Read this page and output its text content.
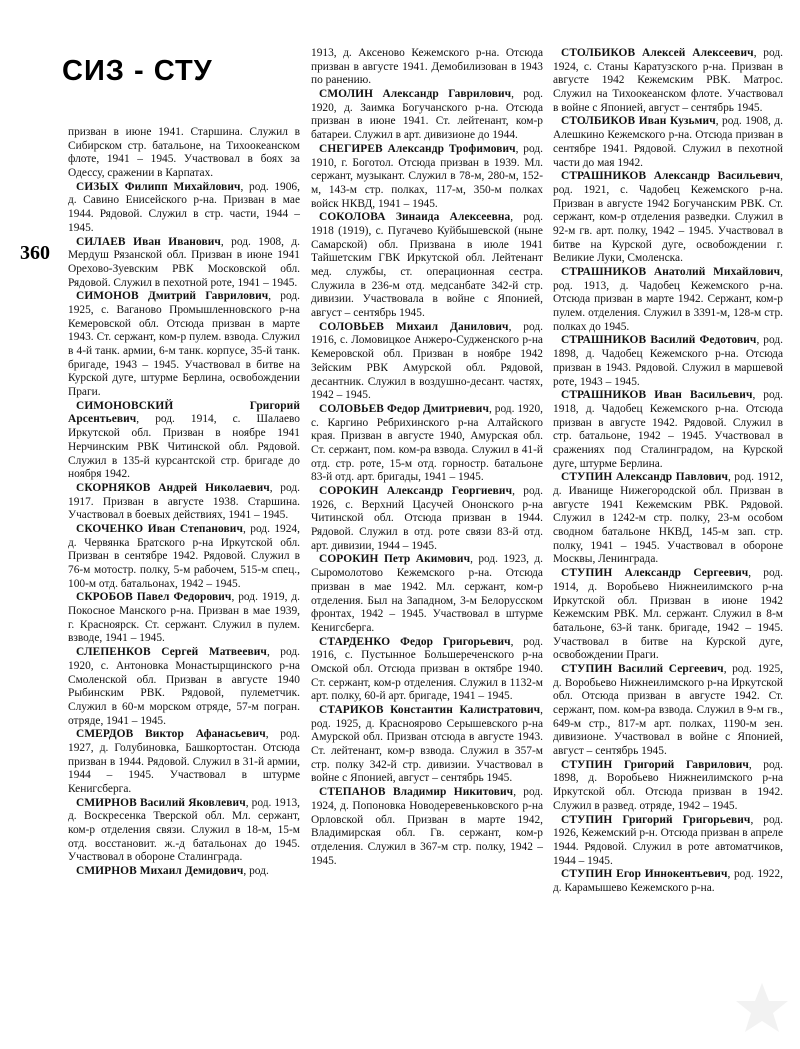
СИЗ - СТУ
360

призван в июне 1941. Старшина. Служил в Сибирском стр. батальоне, на Тихоокеанском флоте, 1941 – 1945. Участвовал в боях за Одессу, сражении в Карпатах.

СИЗЫХ Филипп Михайлович, род. 1906, д. Савино Енисейского р-на. Призван в мае 1944. Рядовой. Служил в стр. части, 1944 – 1945.

СИЛАЕВ Иван Иванович, род. 1908, д. Мердуш Рязанской обл. Призван в июне 1941 Орехово-Зуевским РВК Московской обл. Рядовой. Служил в пехотной роте, 1941 – 1945.

СИМОНОВ Дмитрий Гаврилович, род. 1925, с. Ваганово Промышленновского р-на Кемеровской обл. Отсюда призван в марте 1943. Ст. сержант, ком-р пулем. взвода. Служил в 4-й танк. армии, 6-м танк. корпусе, 35-й танк. бригаде, 1943 – 1945. Участвовал в битве на Курской дуге, штурме Берлина, освобождении Праги.

СИМОНОВСКИЙ Григорий Арсентьевич, род. 1914, с. Шалаево Иркутской обл. Призван в ноябре 1941 Нерчинским РВК Читинской обл. Рядовой. Служил в 135-й курсантской стр. бригаде до ноября 1942.

СКОРНЯКОВ Андрей Николаевич, род. 1917. Призван в августе 1938. Старшина. Участвовал в боевых действиях, 1941 – 1945.

СКОЧЕНКО Иван Степанович, род. 1924, д. Червянка Братского р-на Иркутской обл. Призван в сентябре 1942. Рядовой. Служил в 76-м мотостр. полку, 5-м рабочем, 515-м спец., 100-м отд. батальонах, 1942 – 1945.

СКРОБОВ Павел Федорович, род. 1919, д. Покосное Манского р-на. Призван в мае 1939, г. Красноярск. Ст. сержант. Служил в пулем. взводе, 1941 – 1945.

СЛЕПЕНКОВ Сергей Матвеевич, род. 1920, с. Антоновка Монастырщинского р-на Смоленской обл. Призван в августе 1940 Рыбинским РВК. Рядовой, пулеметчик. Служил в 60-м морском отряде, 57-м погран. отряде, 1941 – 1945.

СМЕРДОВ Виктор Афанасьевич, род. 1927, д. Голубиновка, Башкортостан. Отсюда призван в 1944. Рядовой. Служил в 31-й армии, 1944 – 1945. Участвовал в штурме Кенигсберга.

СМИРНОВ Василий Яковлевич, род. 1913, д. Воскресенка Тверской обл. Мл. сержант, ком-р отделения связи. Служил в 18-м, 15-м отд. восстановит. ж.-д батальонах до 1945. Участвовал в обороне Сталинграда.

СМИРНОВ Михаил Демидович, род.

1913, д. Аксеново Кежемского р-на. Отсюда призван в августе 1941. Демобилизован в 1943 по ранению.

СМОЛИН Александр Гаврилович, род. 1920, д. Заимка Богучанского р-на. Отсюда призван в июне 1941. Ст. лейтенант, ком-р батареи. Служил в арт. дивизионе до 1944.

СНЕГИРЕВ Александр Трофимович, род. 1910, г. Боготол. Отсюда призван в 1939. Мл. сержант, музыкант. Служил в 78-м, 280-м, 152-м, 143-м стр. полках, 117-м, 350-м полках войск НКВД, 1941 – 1945.

СОКОЛОВА Зинаида Алексеевна, род. 1918 (1919), с. Пугачево Куйбышевской (ныне Самарской) обл. Призвана в июле 1941 Тайшетским ГВК Иркутской обл. Лейтенант мед. службы, ст. операционная сестра. Служила в 236-м отд. медсанбате 342-й стр. дивизии. Участвовала в войне с Японией, август – сентябрь 1945.

СОЛОВЬЕВ Михаил Данилович, род. 1916, с. Ломовицкое Анжеро-Судженского р-на Кемеровской обл. Призван в ноябре 1942 Зейским РВК Амурской обл. Рядовой, десантник. Служил в воздушно-десант. частях, 1942 – 1945.

СОЛОВЬЕВ Федор Дмитриевич, род. 1920, с. Каргино Ребрихинского р-на Алтайского края. Призван в августе 1940, Амурская обл. Ст. сержант, пом. ком-ра взвода. Служил в 41-й отд. стр. роте, 15-м отд. горностр. батальоне 83-й отд. арт. бригады, 1941 – 1945.

СОРОКИН Александр Георгиевич, род. 1926, с. Верхний Цасучей Ононского р-на Читинской обл. Отсюда призван в 1944. Рядовой. Служил в отд. роте связи 83-й отд. арт. дивизии, 1944 – 1945.

СОРОКИН Петр Акимович, род. 1923, д. Сыромолотово Кежемского р-на. Отсюда призван в мае 1942. Мл. сержант, ком-р отделения. Был на Западном, 3-м Белорусском фронтах, 1942 – 1945. Участвовал в штурме Кенигсберга.

СТАРДЕНКО Федор Григорьевич, род. 1916, с. Пустынное Большереченского р-на Омской обл. Отсюда призван в октябре 1940. Ст. сержант, ком-р отделения. Служил в 1132-м арт. полку, 60-й арт. бригаде, 1941 – 1945.

СТАРИКОВ Константин Калистратович, род. 1925, д. Красноярово Серышевского р-на Амурской обл. Призван отсюда в августе 1943. Ст. лейтенант, ком-р взвода. Служил в 357-м стр. полку 342-й стр. дивизии. Участвовал в войне с Японией, август – сентябрь 1945.

СТЕПАНОВ Владимир Никитович, род. 1924, д. Попоновка Новодеревеньковского р-на Орловской обл. Призван в марте 1942, Владимирская обл. Гв. сержант, ком-р отделения. Служил в 367-м стр. полку, 1942 – 1945.

СТОЛБИКОВ Алексей Алексеевич, род. 1924, с. Станы Каратузского р-на. Призван в августе 1942 Кежемским РВК. Матрос. Служил на Тихоокеанском флоте. Участвовал в войне с Японией, август – сентябрь 1945.

СТОЛБИКОВ Иван Кузьмич, род. 1908, д. Алешкино Кежемского р-на. Отсюда призван в сентябре 1941. Рядовой. Служил в пехотной части до мая 1942.

СТРАШНИКОВ Александр Васильевич, род. 1921, с. Чадобец Кежемского р-на. Призван в августе 1942 Богучанским РВК. Ст. сержант, ком-р отделения разведки. Служил в 92-м гв. арт. полку, 1942 – 1945. Участвовал в битве на Курской дуге, освобождении г. Великие Луки, Смоленска.

СТРАШНИКОВ Анатолий Михайлович, род. 1913, д. Чадобец Кежемского р-на. Отсюда призван в марте 1942. Сержант, ком-р пулем. отделения. Служил в 3391-м, 128-м стр. полках до 1945.

СТРАШНИКОВ Василий Федотович, род. 1898, д. Чадобец Кежемского р-на. Отсюда призван в 1943. Рядовой. Служил в маршевой роте, 1943 – 1945.

СТРАШНИКОВ Иван Васильевич, род. 1918, д. Чадобец Кежемского р-на. Отсюда призван в августе 1942. Рядовой. Служил в стр. батальоне, 1942 – 1945. Участвовал в сражениях под Сталинградом, на Курской дуге, штурме Берлина.

СТУПИН Александр Павлович, род. 1912, д. Иванище Нижегородской обл. Призван в августе 1941 Кежемским РВК. Рядовой. Служил в 1242-м стр. полку, 23-м особом сводном батальоне НКВД, 145-м зап. стр. полку, 1941 – 1945. Участвовал в обороне Москвы, Ленинграда.

СТУПИН Александр Сергеевич, род. 1914, д. Воробьево Нижнеилимского р-на Иркутской обл. Призван в июне 1942 Кежемским РВК. Мл. сержант. Служил в 8-м батальоне, 63-й танк. бригаде, 1942 – 1945. Участвовал в битве на Курской дуге, освобождении Праги.

СТУПИН Василий Сергеевич, род. 1925, д. Воробьево Нижнеилимского р-на Иркутской обл. Отсюда призван в августе 1942. Ст. сержант, пом. ком-ра взвода. Служил в 9-м гв., 649-м стр., 817-м арт. полках, 1190-м зен. дивизионе. Участвовал в войне с Японией, август – сентябрь 1945.

СТУПИН Григорий Гаврилович, род. 1898, д. Воробьево Нижнеилимского р-на Иркутской обл. Отсюда призван в 1942. Служил в развед. отряде, 1942 – 1945.

СТУПИН Григорий Григорьевич, род. 1926, Кежемский р-н. Отсюда призван в апреле 1944. Рядовой. Служил в роте автоматчиков, 1944 – 1945.

СТУПИН Егор Иннокентьевич, род. 1922, д. Карамышево Кежемского р-на.
